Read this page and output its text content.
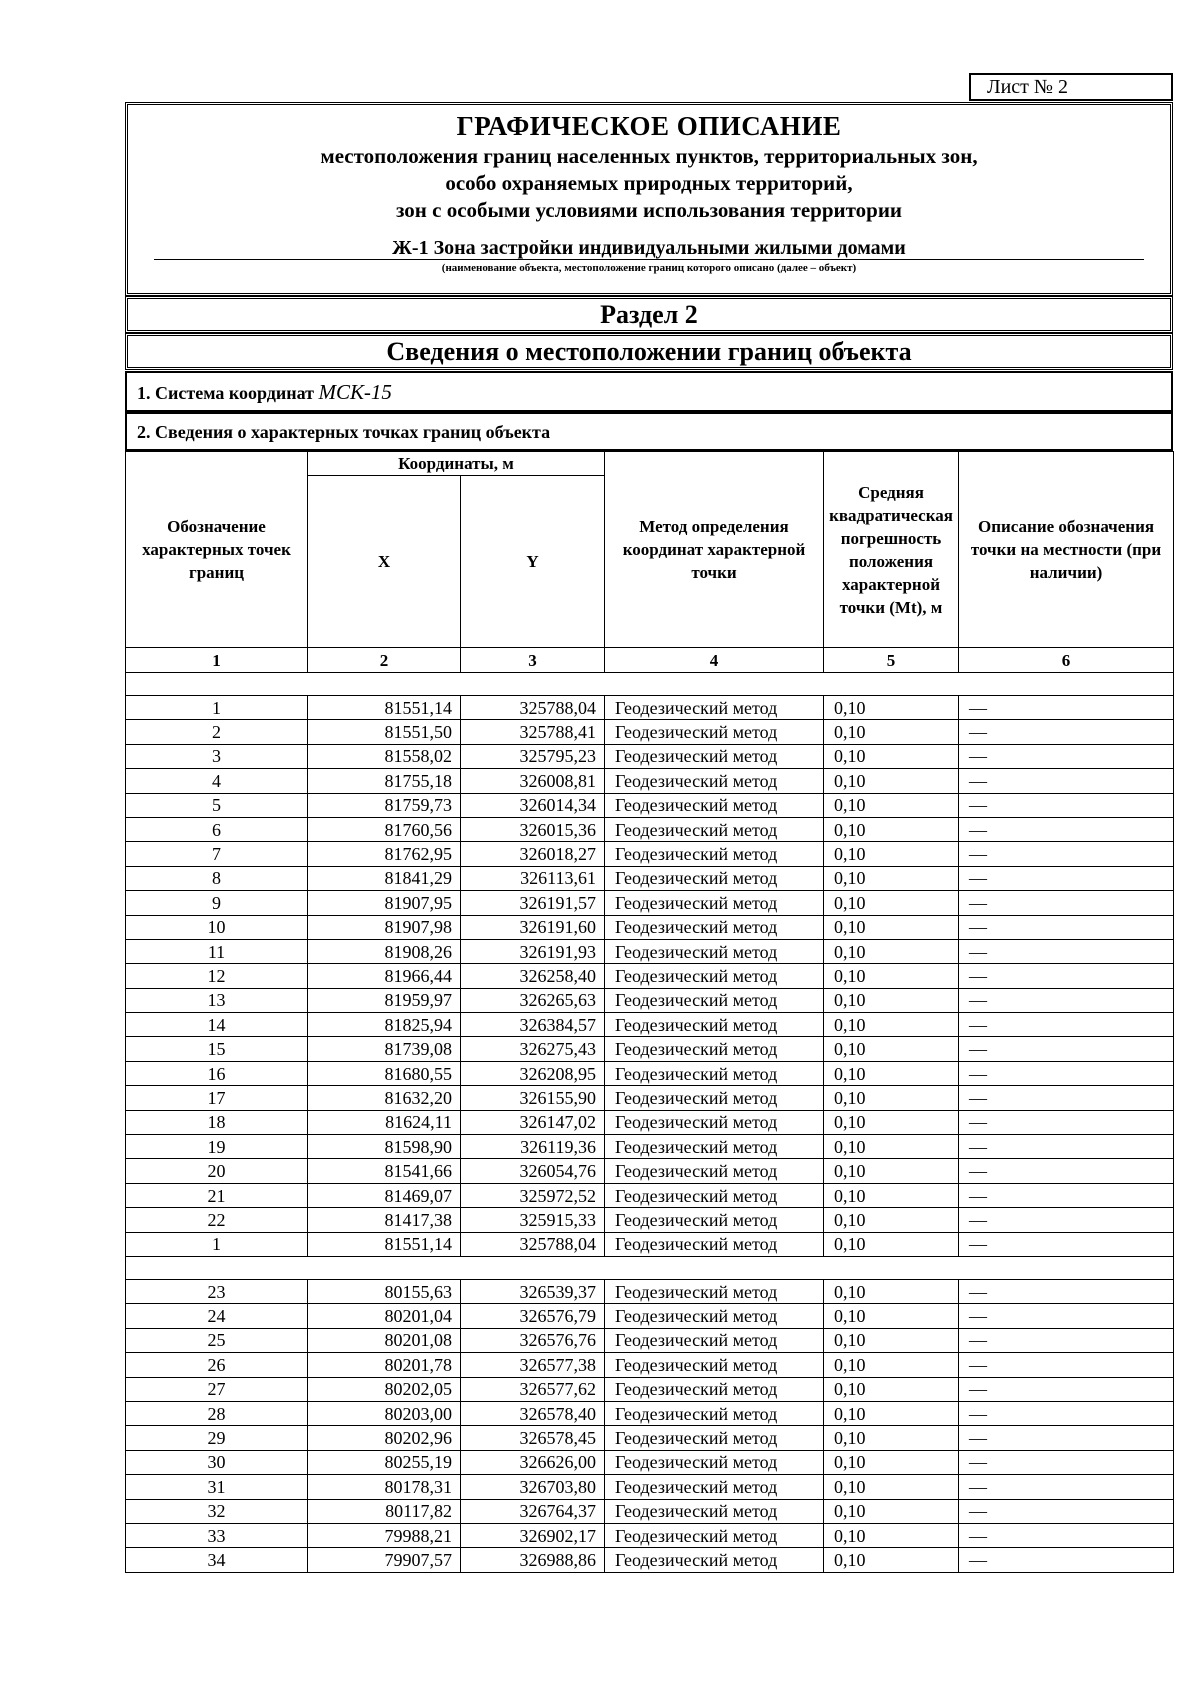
Лист № 2
ГРАФИЧЕСКОЕ ОПИСАНИЕ
местоположения границ населенных пунктов, территориальных зон,
особо охраняемых природных территорий,
зон с особыми условиями использования территории
Ж-1 Зона застройки индивидуальными жилыми домами
(наименование объекта, местоположение границ которого описано (далее – объект)
Раздел 2
Сведения о местоположении границ объекта
1. Система координат МСК-15
2. Сведения о характерных точках границ объекта
Обозначение характерных точек границ	Координаты, м		Метод определения координат характерной точки	Средняя квадратическая погрешность положения характерной точки (Mt), м	Описание обозначения точки на местности (при наличии)
	X	Y			
1	2	3	4	5	6

1	81551,14	325788,04	Геодезический метод	0,10	—
2	81551,50	325788,41	Геодезический метод	0,10	—
3	81558,02	325795,23	Геодезический метод	0,10	—
4	81755,18	326008,81	Геодезический метод	0,10	—
5	81759,73	326014,34	Геодезический метод	0,10	—
6	81760,56	326015,36	Геодезический метод	0,10	—
7	81762,95	326018,27	Геодезический метод	0,10	—
8	81841,29	326113,61	Геодезический метод	0,10	—
9	81907,95	326191,57	Геодезический метод	0,10	—
10	81907,98	326191,60	Геодезический метод	0,10	—
11	81908,26	326191,93	Геодезический метод	0,10	—
12	81966,44	326258,40	Геодезический метод	0,10	—
13	81959,97	326265,63	Геодезический метод	0,10	—
14	81825,94	326384,57	Геодезический метод	0,10	—
15	81739,08	326275,43	Геодезический метод	0,10	—
16	81680,55	326208,95	Геодезический метод	0,10	—
17	81632,20	326155,90	Геодезический метод	0,10	—
18	81624,11	326147,02	Геодезический метод	0,10	—
19	81598,90	326119,36	Геодезический метод	0,10	—
20	81541,66	326054,76	Геодезический метод	0,10	—
21	81469,07	325972,52	Геодезический метод	0,10	—
22	81417,38	325915,33	Геодезический метод	0,10	—
1	81551,14	325788,04	Геодезический метод	0,10	—

23	80155,63	326539,37	Геодезический метод	0,10	—
24	80201,04	326576,79	Геодезический метод	0,10	—
25	80201,08	326576,76	Геодезический метод	0,10	—
26	80201,78	326577,38	Геодезический метод	0,10	—
27	80202,05	326577,62	Геодезический метод	0,10	—
28	80203,00	326578,40	Геодезический метод	0,10	—
29	80202,96	326578,45	Геодезический метод	0,10	—
30	80255,19	326626,00	Геодезический метод	0,10	—
31	80178,31	326703,80	Геодезический метод	0,10	—
32	80117,82	326764,37	Геодезический метод	0,10	—
33	79988,21	326902,17	Геодезический метод	0,10	—
34	79907,57	326988,86	Геодезический метод	0,10	—
